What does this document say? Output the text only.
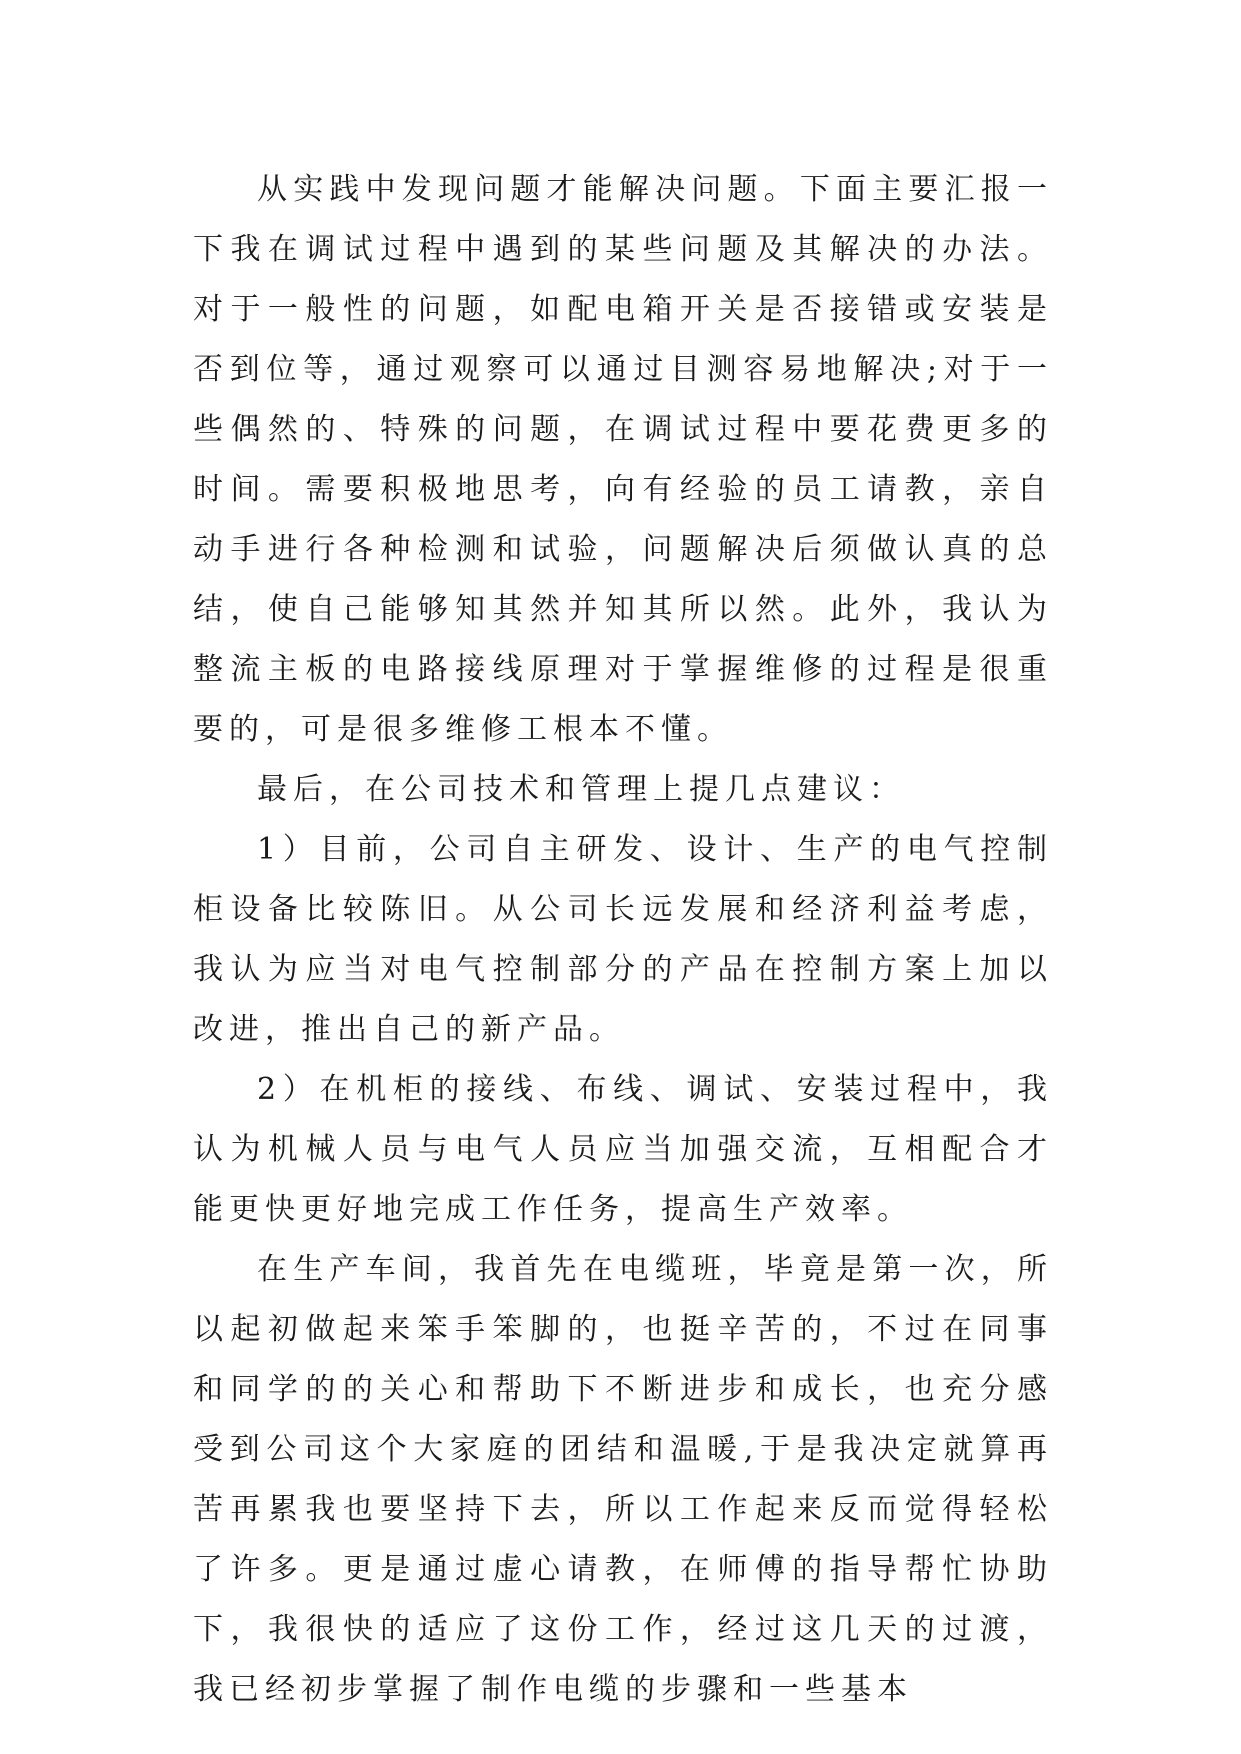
从实践中发现问题才能解决问题。下面主要汇报一下我在调试过程中遇到的某些问题及其解决的办法。对于一般性的问题，如配电箱开关是否接错或安装是否到位等，通过观察可以通过目测容易地解决;对于一些偶然的、特殊的问题，在调试过程中要花费更多的时间。需要积极地思考，向有经验的员工请教，亲自动手进行各种检测和试验，问题解决后须做认真的总结，使自己能够知其然并知其所以然。此外，我认为整流主板的电路接线原理对于掌握维修的过程是很重要的，可是很多维修工根本不懂。

最后，在公司技术和管理上提几点建议：

1）目前，公司自主研发、设计、生产的电气控制柜设备比较陈旧。从公司长远发展和经济利益考虑，我认为应当对电气控制部分的产品在控制方案上加以改进，推出自己的新产品。

2）在机柜的接线、布线、调试、安装过程中，我认为机械人员与电气人员应当加强交流，互相配合才能更快更好地完成工作任务，提高生产效率。

在生产车间，我首先在电缆班，毕竟是第一次，所以起初做起来笨手笨脚的，也挺辛苦的，不过在同事和同学的的关心和帮助下不断进步和成长，也充分感受到公司这个大家庭的团结和温暖,于是我决定就算再苦再累我也要坚持下去，所以工作起来反而觉得轻松了许多。更是通过虚心请教，在师傅的指导帮忙协助下，我很快的适应了这份工作，经过这几天的过渡，我已经初步掌握了制作电缆的步骤和一些基本
